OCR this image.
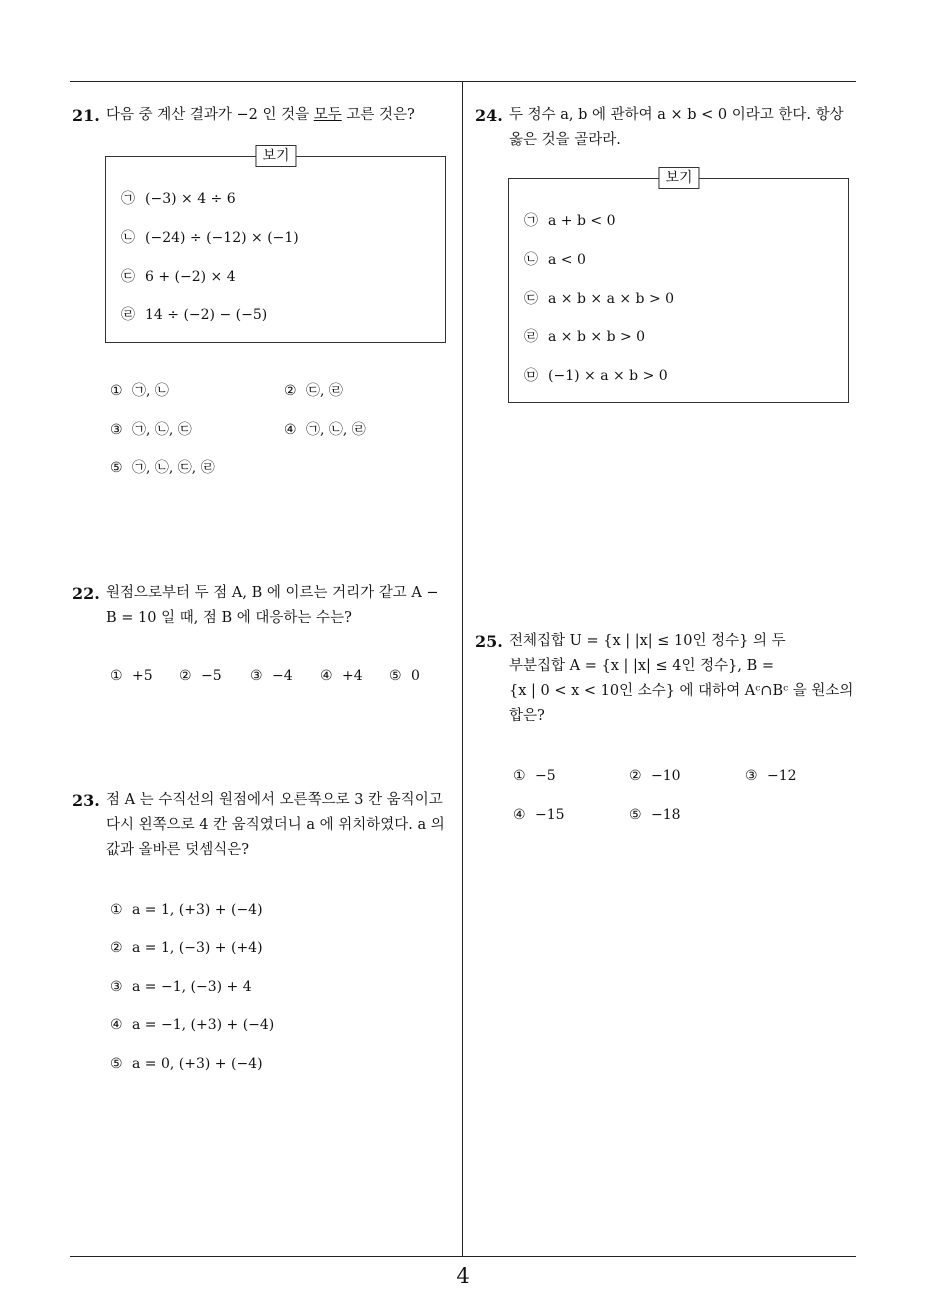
4
21. 다음 중 계산 결과가 −2 인 것을 모두 고른 것은?
보기
㉠ (−3) × 4 ÷ 6
㉡ (−24) ÷ (−12) × (−1)
㉢ 6 + (−2) × 4
㉣ 14 ÷ (−2) − (−5)
① ㉠, ㉡	② ㉢, ㉣
③ ㉠, ㉡, ㉢	④ ㉠, ㉡, ㉣
⑤ ㉠, ㉡, ㉢, ㉣
22. 원점으로부터 두 점 A, B 에 이르는 거리가 같고 A −
B = 10 일 때, 점 B 에 대응하는 수는?
① +5 ② −5 ③ −4 ④ +4 ⑤ 0
23. 점 A 는 수직선의 원점에서 오른쪽으로 3 칸 움직이고
다시 왼쪽으로 4 칸 움직였더니 a 에 위치하였다. a 의
값과 올바른 덧셈식은?
① a = 1, (+3) + (−4)
② a = 1, (−3) + (+4)
③ a = −1, (−3) + 4
④ a = −1, (+3) + (−4)
⑤ a = 0, (+3) + (−4)
24. 두 정수 a, b 에 관하여 a × b < 0 이라고 한다. 항상
옳은 것을 골라라.
보기
㉠ a + b < 0
㉡ a < 0
㉢ a × b × a × b > 0
㉣ a × b × b > 0
㉤ (−1) × a × b > 0
25. 전체집합 U = {x | |x| ≤ 10인 정수} 의 두
부분집합 A = {x | |x| ≤ 4인 정수}, B =
{x | 0 < x < 10인 소수} 에 대하여 Aᶜ∩Bᶜ 을 원소의
합은?
① −5	② −10	③ −12
④ −15	⑤ −18
